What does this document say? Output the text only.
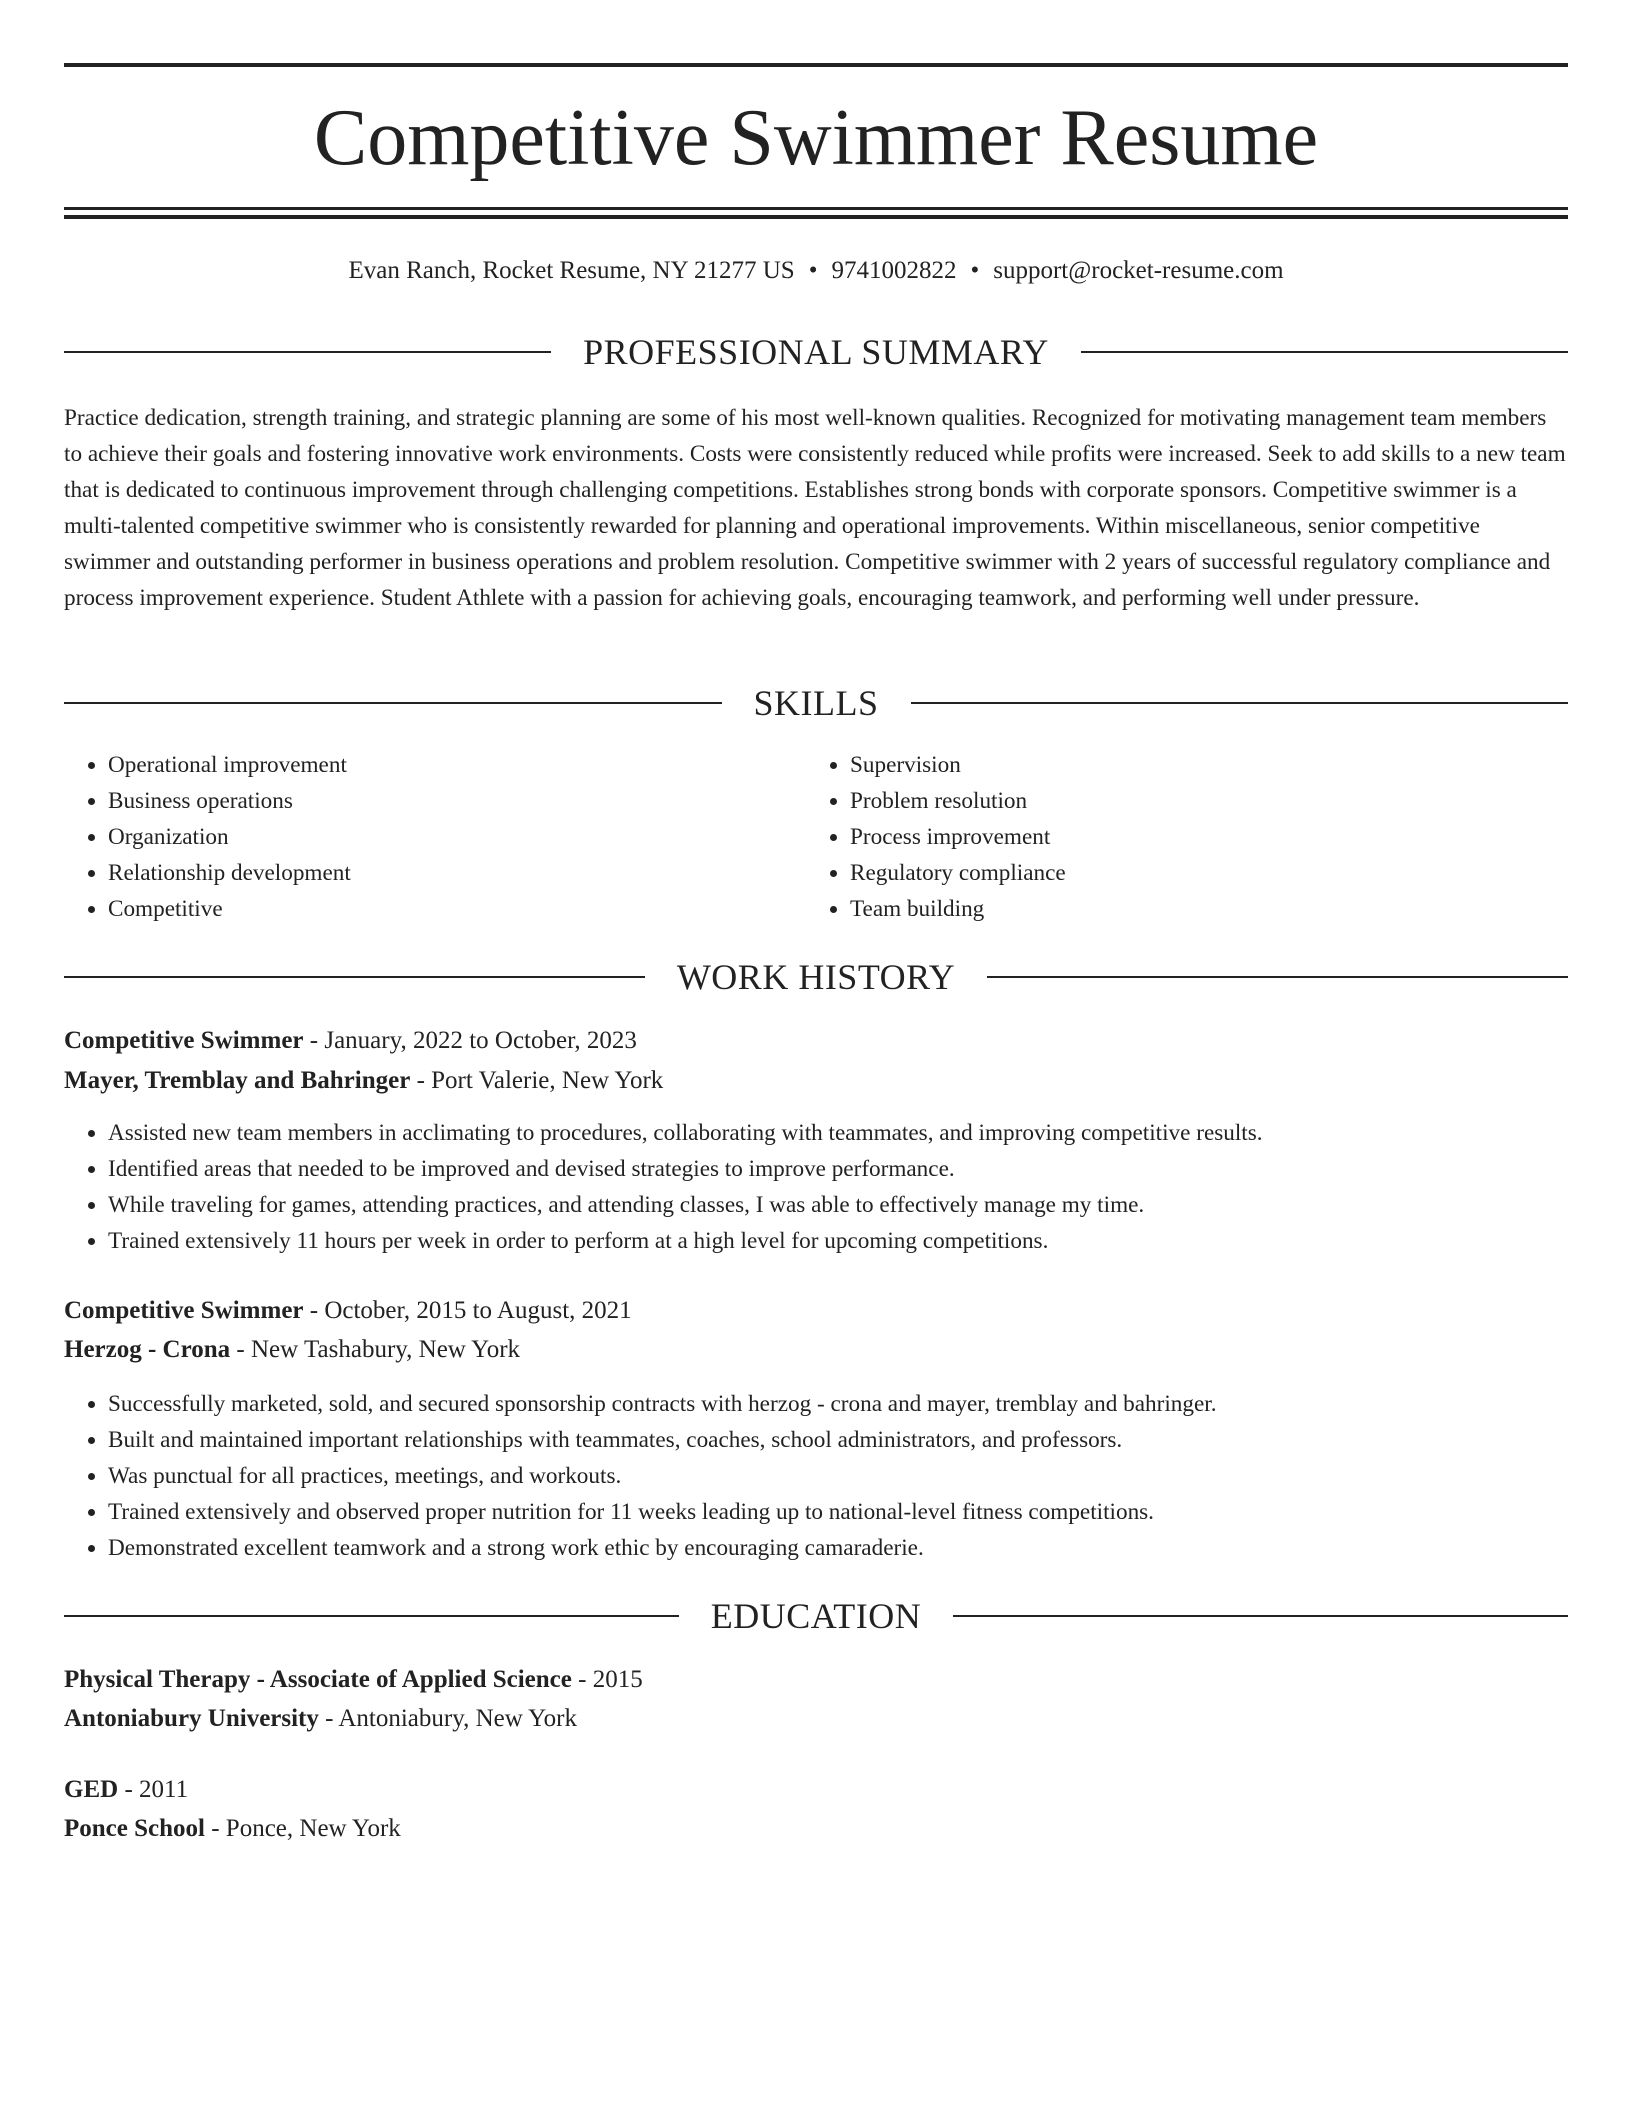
Competitive Swimmer Resume
Evan Ranch, Rocket Resume, NY 21277 US • 9741002822 • support@rocket-resume.com
PROFESSIONAL SUMMARY

Practice dedication, strength training, and strategic planning are some of his most well-known qualities. Recognized for motivating management team members to achieve their goals and fostering innovative work environments. Costs were consistently reduced while profits were increased. Seek to add skills to a new team that is dedicated to continuous improvement through challenging competitions. Establishes strong bonds with corporate sponsors. Competitive swimmer is a multi-talented competitive swimmer who is consistently rewarded for planning and operational improvements. Within miscellaneous, senior competitive swimmer and outstanding performer in business operations and problem resolution. Competitive swimmer with 2 years of successful regulatory compliance and process improvement experience. Student Athlete with a passion for achieving goals, encouraging teamwork, and performing well under pressure.

SKILLS
• Operational improvement
• Business operations
• Organization
• Relationship development
• Competitive
• Supervision
• Problem resolution
• Process improvement
• Regulatory compliance
• Team building
WORK HISTORY
Competitive Swimmer - January, 2022 to October, 2023
Mayer, Tremblay and Bahringer - Port Valerie, New York
• Assisted new team members in acclimating to procedures, collaborating with teammates, and improving competitive results.
• Identified areas that needed to be improved and devised strategies to improve performance.
• While traveling for games, attending practices, and attending classes, I was able to effectively manage my time.
• Trained extensively 11 hours per week in order to perform at a high level for upcoming competitions.
Competitive Swimmer - October, 2015 to August, 2021
Herzog - Crona - New Tashabury, New York
• Successfully marketed, sold, and secured sponsorship contracts with herzog - crona and mayer, tremblay and bahringer.
• Built and maintained important relationships with teammates, coaches, school administrators, and professors.
• Was punctual for all practices, meetings, and workouts.
• Trained extensively and observed proper nutrition for 11 weeks leading up to national-level fitness competitions.
• Demonstrated excellent teamwork and a strong work ethic by encouraging camaraderie.
EDUCATION
Physical Therapy - Associate of Applied Science - 2015
Antoniabury University - Antoniabury, New York
GED - 2011
Ponce School - Ponce, New York
